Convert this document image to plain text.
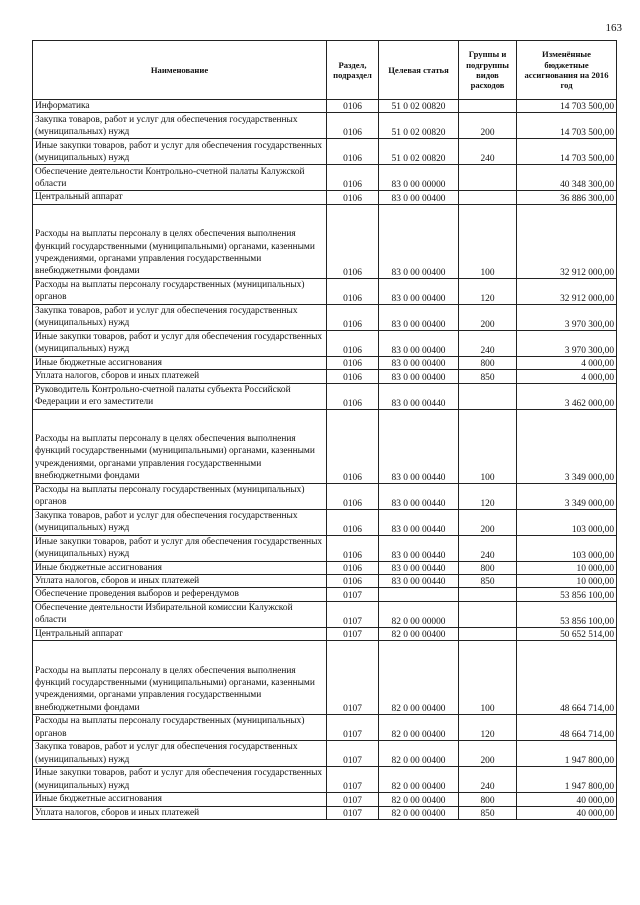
163
Наименование	Раздел, подраздел	Целевая статья	Группы и подгруппы видов расходов	Изменённые бюджетные ассигнования на 2016 год
Информатика	0106	51 0 02 00820		14 703 500,00
Закупка товаров, работ и услуг для обеспечения государственных (муниципальных) нужд	0106	51 0 02 00820	200	14 703 500,00
Иные закупки товаров, работ и услуг для обеспечения государственных (муниципальных) нужд	0106	51 0 02 00820	240	14 703 500,00
Обеспечение деятельности Контрольно-счетной палаты Калужской области	0106	83 0 00 00000		40 348 300,00
Центральный аппарат	0106	83 0 00 00400		36 886 300,00
Расходы на выплаты персоналу в целях обеспечения выполнения функций государственными (муниципальными) органами, казенными учреждениями, органами управления государственными внебюджетными фондами	0106	83 0 00 00400	100	32 912 000,00
Расходы на выплаты персоналу государственных (муниципальных) органов	0106	83 0 00 00400	120	32 912 000,00
Закупка товаров, работ и услуг для обеспечения государственных (муниципальных) нужд	0106	83 0 00 00400	200	3 970 300,00
Иные закупки товаров, работ и услуг для обеспечения государственных (муниципальных) нужд	0106	83 0 00 00400	240	3 970 300,00
Иные бюджетные ассигнования	0106	83 0 00 00400	800	4 000,00
Уплата налогов, сборов и иных платежей	0106	83 0 00 00400	850	4 000,00
Руководитель Контрольно-счетной палаты субъекта Российской Федерации и его заместители	0106	83 0 00 00440		3 462 000,00
Расходы на выплаты персоналу в целях обеспечения выполнения функций государственными (муниципальными) органами, казенными учреждениями, органами управления государственными внебюджетными фондами	0106	83 0 00 00440	100	3 349 000,00
Расходы на выплаты персоналу государственных (муниципальных) органов	0106	83 0 00 00440	120	3 349 000,00
Закупка товаров, работ и услуг для обеспечения государственных (муниципальных) нужд	0106	83 0 00 00440	200	103 000,00
Иные закупки товаров, работ и услуг для обеспечения государственных (муниципальных) нужд	0106	83 0 00 00440	240	103 000,00
Иные бюджетные ассигнования	0106	83 0 00 00440	800	10 000,00
Уплата налогов, сборов и иных платежей	0106	83 0 00 00440	850	10 000,00
Обеспечение проведения выборов и референдумов	0107			53 856 100,00
Обеспечение деятельности Избирательной комиссии Калужской области	0107	82 0 00 00000		53 856 100,00
Центральный аппарат	0107	82 0 00 00400		50 652 514,00
Расходы на выплаты персоналу в целях обеспечения выполнения функций государственными (муниципальными) органами, казенными учреждениями, органами управления государственными внебюджетными фондами	0107	82 0 00 00400	100	48 664 714,00
Расходы на выплаты персоналу государственных (муниципальных) органов	0107	82 0 00 00400	120	48 664 714,00
Закупка товаров, работ и услуг для обеспечения государственных (муниципальных) нужд	0107	82 0 00 00400	200	1 947 800,00
Иные закупки товаров, работ и услуг для обеспечения государственных (муниципальных) нужд	0107	82 0 00 00400	240	1 947 800,00
Иные бюджетные ассигнования	0107	82 0 00 00400	800	40 000,00
Уплата налогов, сборов и иных платежей	0107	82 0 00 00400	850	40 000,00
